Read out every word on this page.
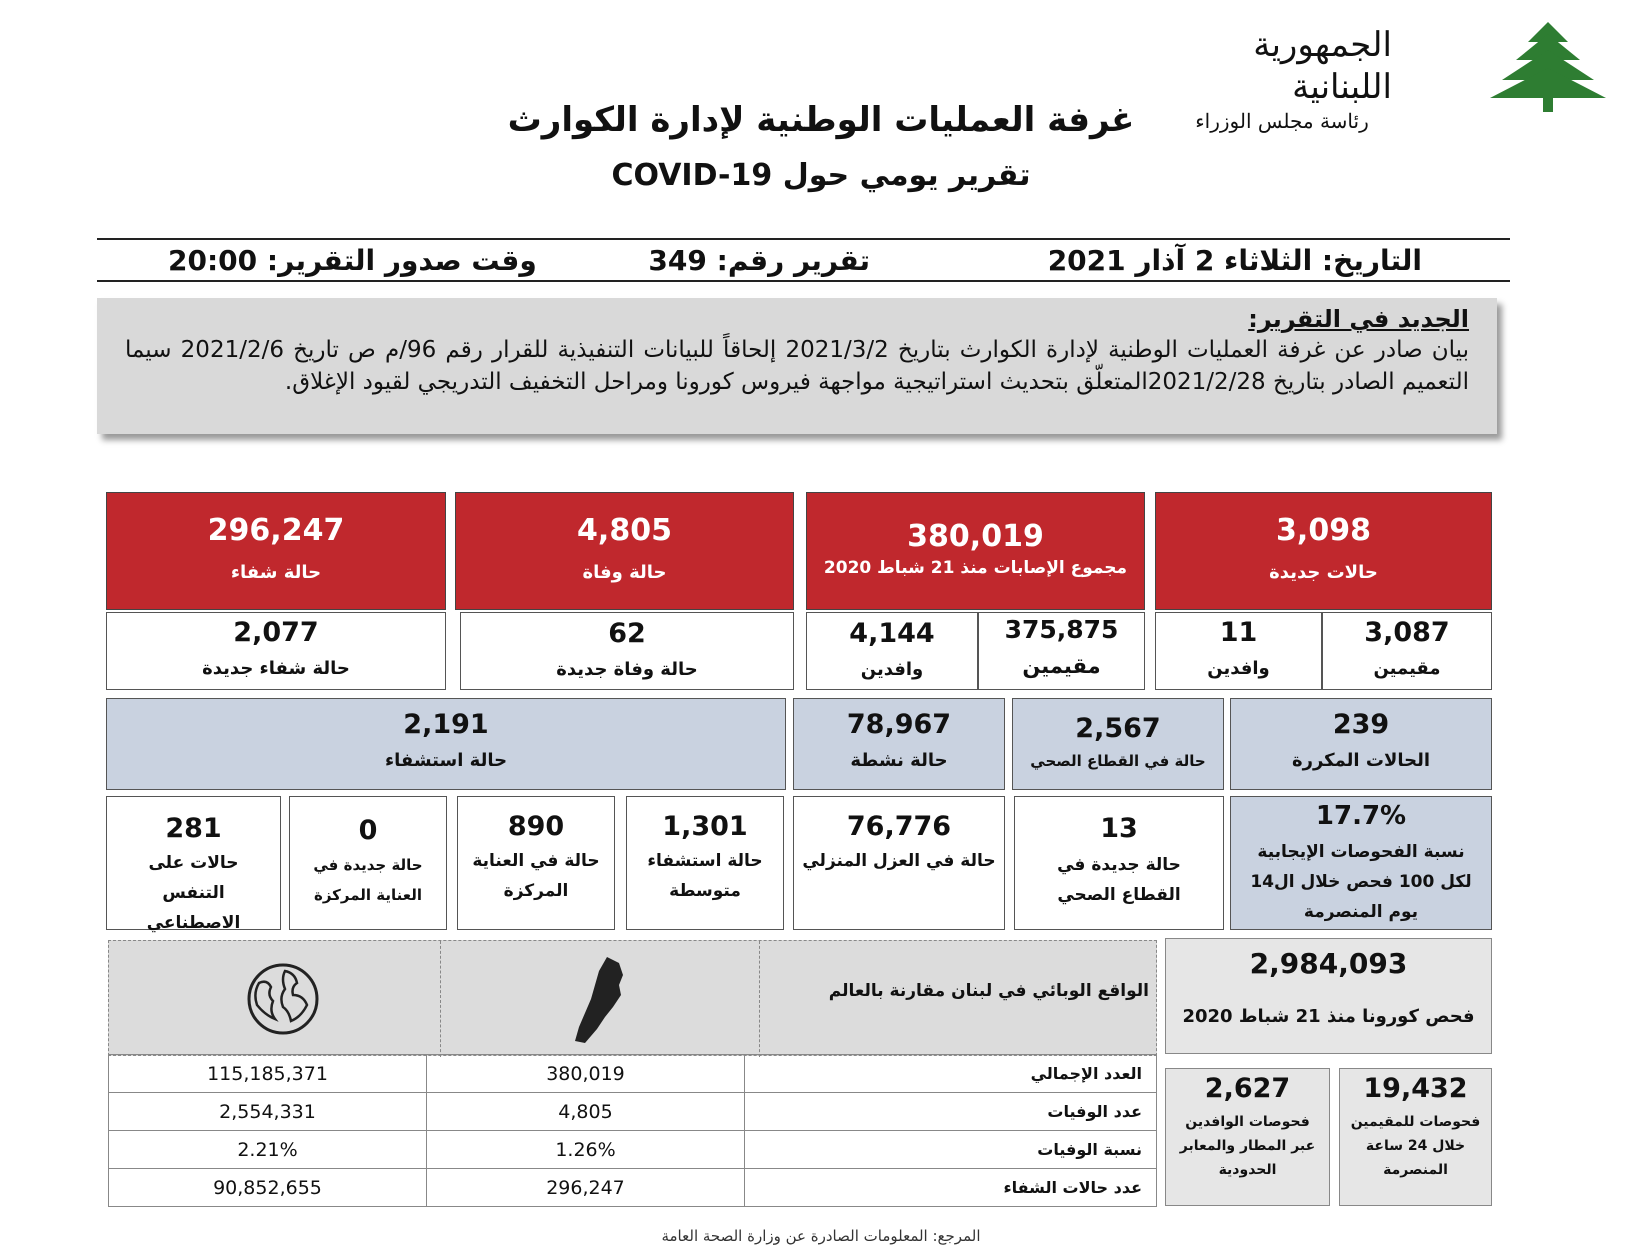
الجمهورية اللبنانية
رئاسة مجلس الوزراء
غرفة العمليات الوطنية لإدارة الكوارث
تقرير يومي حول COVID-19
التاريخ: الثلاثاء 2 آذار 2021
تقرير رقم: 349
وقت صدور التقرير: 20:00
الجديد في التقرير:
بيان صادر عن غرفة العمليات الوطنية لإدارة الكوارث بتاريخ 2021/3/2 إلحاقاً للبيانات التنفيذية للقرار رقم 96/م ص تاريخ 2021/2/6 سيما التعميم الصادر بتاريخ 2021/2/28المتعلّق بتحديث استراتيجية مواجهة فيروس كورونا ومراحل التخفيف التدريجي لقيود الإغلاق.
3,098
حالات جديدة
380,019
مجموع الإصابات منذ 21 شباط 2020
4,805
حالة وفاة
296,247
حالة شفاء
3,087
مقيمين
11
وافدين
375,875
مقيمين
4,144
وافدين
62
حالة وفاة جديدة
2,077
حالة شفاء جديدة
239
الحالات المكررة
2,567
حالة في القطاع الصحي
78,967
حالة نشطة
2,191
حالة استشفاء
17.7%
نسبة الفحوصات الإيجابية لكل 100 فحص خلال ال14 يوم المنصرمة
13
حالة جديدة في القطاع الصحي
76,776
حالة في العزل المنزلي
1,301
حالة استشفاء متوسطة
890
حالة في العناية المركزة
0
حالة جديدة في العناية المركزة
281
حالات على التنفس الاصطناعي
2,984,093
فحص كورونا منذ 21 شباط 2020
19,432
فحوصات للمقيمين خلال 24 ساعة المنصرمة
2,627
فحوصات الوافدين عبر المطار والمعابر الحدودية
الواقع الوبائي في لبنان مقارنة بالعالم
115,185,371	380,019	العدد الإجمالي
2,554,331	4,805	عدد الوفيات
2.21%	1.26%	نسبة الوفيات
90,852,655	296,247	عدد حالات الشفاء
المرجع: المعلومات الصادرة عن وزارة الصحة العامة
